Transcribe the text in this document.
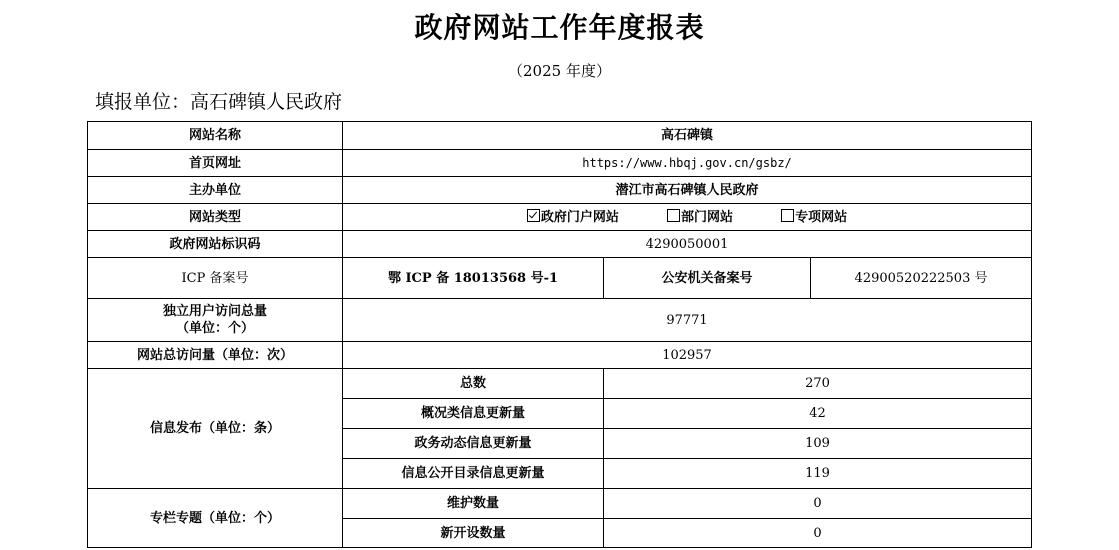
政府网站工作年度报表
（2025 年度）
填报单位：高石碑镇人民政府
网站名称	高石碑镇		
首页网址	https://www.hbqj.gov.cn/gsbz/		
主办单位	潜江市高石碑镇人民政府		
网站类型	政府门户网站 部门网站 专项网站		
政府网站标识码	4290050001		
ICP 备案号	鄂 ICP 备 18013568 号-1	公安机关备案号	42900520222503 号

独立用户访问总量
（单位：个）	97771		
网站总访问量（单位：次）	102957		
信息发布（单位：条）	总数	270	
	概况类信息更新量	42	
	政务动态信息更新量	109	
	信息公开目录信息更新量	119	
专栏专题（单位：个）	维护数量	0	
	新开设数量	0	
